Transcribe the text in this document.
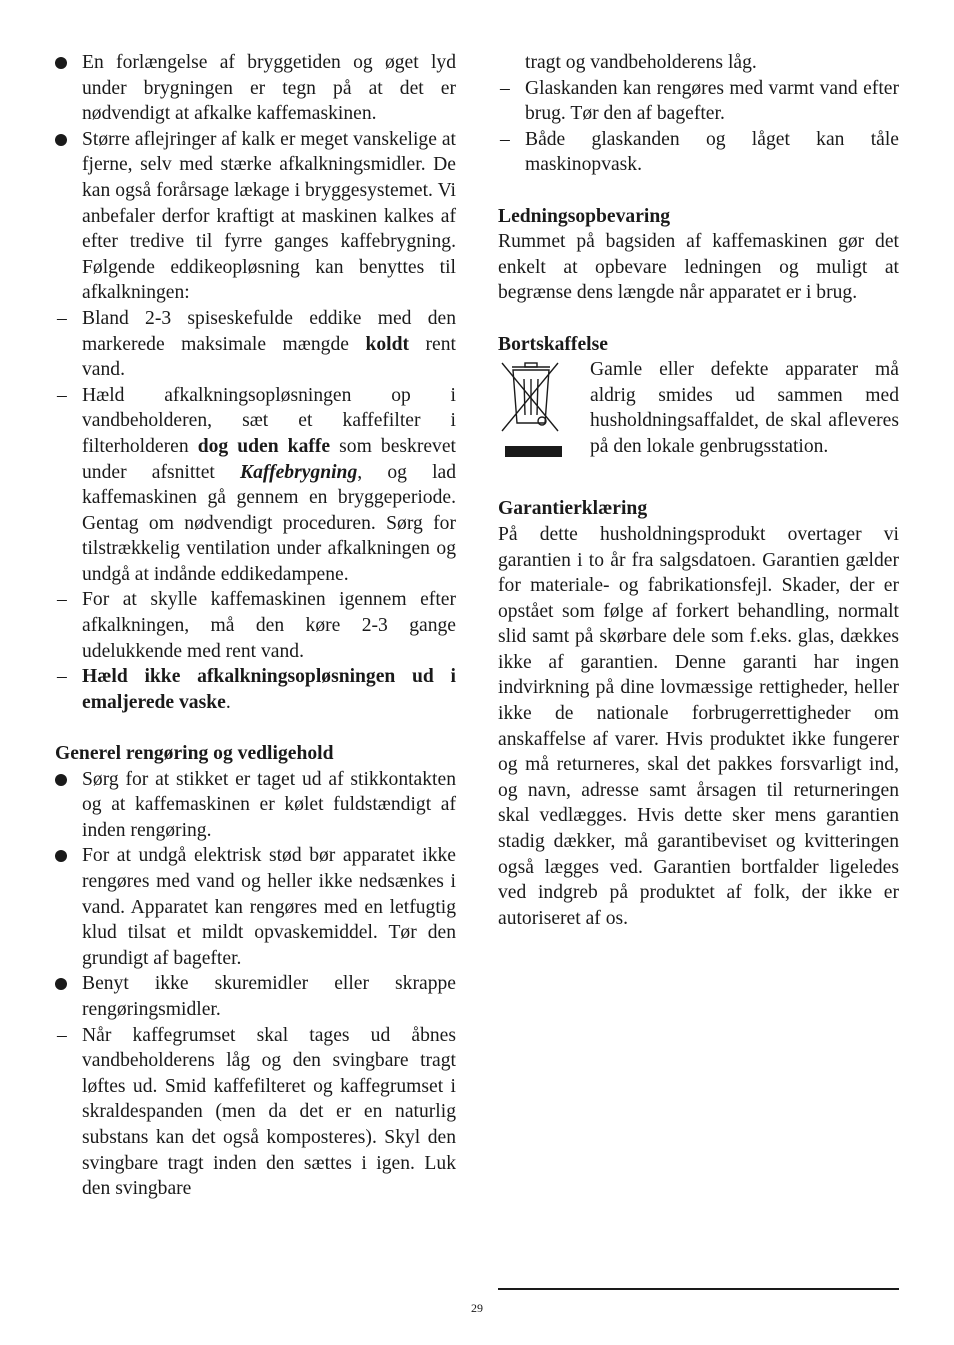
En forlængelse af bryggetiden og øget lyd under brygningen er tegn på at det er nødvendigt at afkalke kaffemaskinen.
Større aflejringer af kalk er meget vanskelige at fjerne, selv med stærke afkalkningsmidler. De kan også forårsage lækage i bryggesystemet. Vi anbefaler derfor kraftigt at maskinen kalkes af efter tredive til fyrre ganges kaffebrygning. Følgende eddikeopløsning kan benyttes til afkalkningen:
– Bland 2-3 spiseskefulde eddike med den markerede maksimale mængde koldt rent vand.
– Hæld afkalkningsopløsningen op i vandbeholderen, sæt et kaffefilter i filterholderen dog uden kaffe som beskrevet under afsnittet Kaffebrygning, og lad kaffemaskinen gå gennem en bryggeperiode. Gentag om nødvendigt proceduren. Sørg for tilstrækkelig ventilation under afkalkningen og undgå at indånde eddikedampene.
– For at skylle kaffemaskinen igennem efter afkalkningen, må den køre 2-3 gange udelukkende med rent vand.
– Hæld ikke afkalkningsopløsningen ud i emaljerede vaske.
Generel rengøring og vedligehold
Sørg for at stikket er taget ud af stikkontakten og at kaffemaskinen er kølet fuldstændigt af inden rengøring.
For at undgå elektrisk stød bør apparatet ikke rengøres med vand og heller ikke nedsænkes i vand. Apparatet kan rengøres med en letfugtig klud tilsat et mildt opvaskemiddel. Tør den grundigt af bagefter.
Benyt ikke skuremidler eller skrappe rengøringsmidler.
– Når kaffegrumset skal tages ud åbnes vandbeholderens låg og den svingbare tragt løftes ud. Smid kaffefilteret og kaffegrumset i skraldespanden (men da det er en naturlig substans kan det også komposteres). Skyl den svingbare tragt inden den sættes i igen. Luk den svingbare
tragt og vandbeholderens låg.
– Glaskanden kan rengøres med varmt vand efter brug. Tør den af bagefter.
– Både glaskanden og låget kan tåle maskinopvask.
Ledningsopbevaring
Rummet på bagsiden af kaffemaskinen gør det enkelt at opbevare ledningen og muligt at begrænse dens længde når apparatet er i brug.
Bortskaffelse
Gamle eller defekte apparater må aldrig smides ud sammen med husholdningsaffaldet, de skal afleveres på den lokale genbrugsstation.
Garantierklæring
På dette husholdningsprodukt overtager vi garantien i to år fra salgsdatoen. Garantien gælder for materiale- og fabrikationsfejl. Skader, der er opstået som følge af forkert behandling, normalt slid samt på skørbare dele som f.eks. glas, dækkes ikke af garantien. Denne garanti har ingen indvirkning på dine lovmæssige rettigheder, heller ikke de nationale forbrugerrettigheder om anskaffelse af varer. Hvis produktet ikke fungerer og må returneres, skal det pakkes forsvarligt ind, og navn, adresse samt årsagen til returneringen skal vedlægges. Hvis dette sker mens garantien stadig dækker, må garantibeviset og kvitteringen også lægges ved. Garantien bortfalder ligeledes ved indgreb på produktet af folk, der ikke er autoriseret af os.
29
